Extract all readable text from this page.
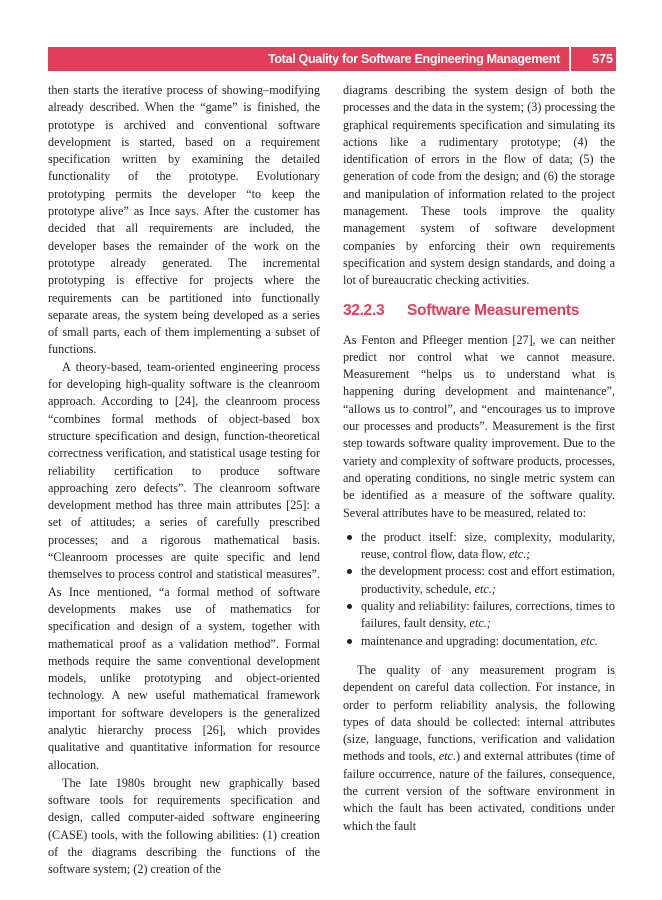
Total Quality for Software Engineering Management	575

then starts the iterative process of showing–modifying already described. When the “game” is finished, the prototype is archived and conventional software development is started, based on a requirement specification written by examining the detailed functionality of the prototype. Evolutionary prototyping permits the developer “to keep the prototype alive” as Ince says. After the customer has decided that all requirements are included, the developer bases the remainder of the work on the prototype already generated. The incremental prototyping is effective for projects where the requirements can be partitioned into functionally separate areas, the system being developed as a series of small parts, each of them implementing a subset of functions.

A theory-based, team-oriented engineering process for developing high-quality software is the cleanroom approach. According to [24], the cleanroom process “combines formal methods of object-based box structure specification and design, function-theoretical correctness verification, and statistical usage testing for reliability certification to produce software approaching zero defects”. The cleanroom software development method has three main attributes [25]: a set of attitudes; a series of carefully prescribed processes; and a rigorous mathematical basis. “Cleanroom processes are quite specific and lend themselves to process control and statistical measures”. As Ince mentioned, “a formal method of software developments makes use of mathematics for specification and design of a system, together with mathematical proof as a validation method”. Formal methods require the same conventional development models, unlike prototyping and object-oriented technology. A new useful mathematical framework important for software developers is the generalized analytic hierarchy process [26], which provides qualitative and quantitative information for resource allocation.

The late 1980s brought new graphically based software tools for requirements specification and design, called computer-aided software engineering (CASE) tools, with the following abilities: (1) creation of the diagrams describing the functions of the software system; (2) creation of the

diagrams describing the system design of both the processes and the data in the system; (3) processing the graphical requirements specification and simulating its actions like a rudimentary prototype; (4) the identification of errors in the flow of data; (5) the generation of code from the design; and (6) the storage and manipulation of information related to the project management. These tools improve the quality management system of software development companies by enforcing their own requirements specification and system design standards, and doing a lot of bureaucratic checking activities.

32.2.3 Software Measurements

As Fenton and Pfleeger mention [27], we can neither predict nor control what we cannot measure. Measurement “helps us to understand what is happening during development and maintenance”, “allows us to control”, and “encourages us to improve our processes and products”. Measurement is the first step towards software quality improvement. Due to the variety and complexity of software products, processes, and operating conditions, no single metric system can be identified as a measure of the software quality. Several attributes have to be measured, related to:

the product itself: size, complexity, modularity, reuse, control flow, data flow, etc.;
the development process: cost and effort estimation, productivity, schedule, etc.;
quality and reliability: failures, corrections, times to failures, fault density, etc.;
maintenance and upgrading: documentation, etc.

The quality of any measurement program is dependent on careful data collection. For instance, in order to perform reliability analysis, the following types of data should be collected: internal attributes (size, language, functions, verification and validation methods and tools, etc.) and external attributes (time of failure occurrence, nature of the failures, consequence, the current version of the software environment in which the fault has been activated, conditions under which the fault
